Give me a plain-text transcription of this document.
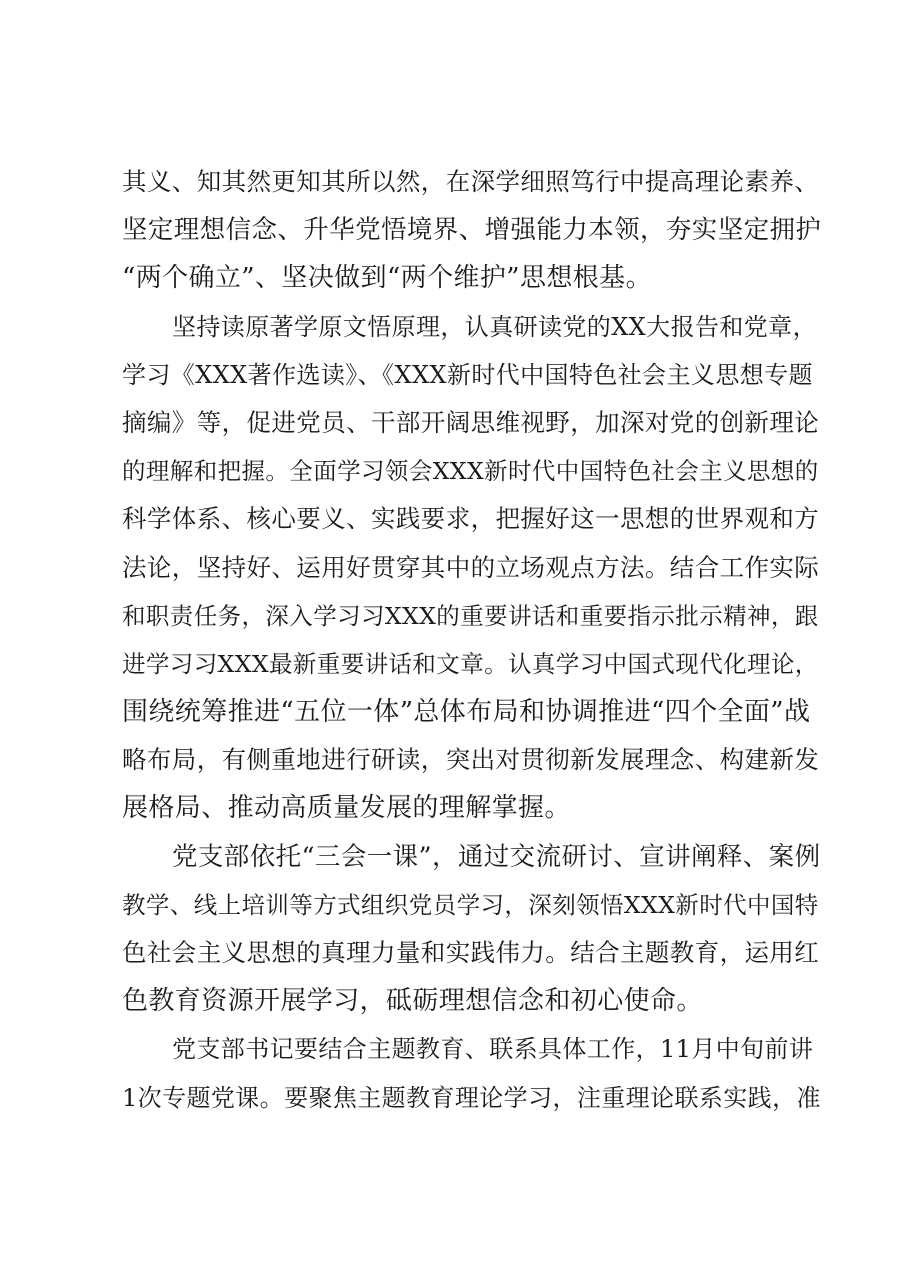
其义、知其然更知其所以然，在深学细照笃行中提高理论素养、
坚定理想信念、升华党悟境界、增强能力本领，夯实坚定拥护
“两个确立”、坚决做到“两个维护”思想根基。
坚持读原著学原文悟原理，认真研读党的XX大报告和党章，
学习《XXX著作选读》、《XXX新时代中国特色社会主义思想专题
摘编》等，促进党员、干部开阔思维视野，加深对党的创新理论
的理解和把握。全面学习领会XXX新时代中国特色社会主义思想的
科学体系、核心要义、实践要求，把握好这一思想的世界观和方
法论，坚持好、运用好贯穿其中的立场观点方法。结合工作实际
和职责任务，深入学习习XXX的重要讲话和重要指示批示精神，跟
进学习习XXX最新重要讲话和文章。认真学习中国式现代化理论，
围绕统筹推进“五位一体”总体布局和协调推进“四个全面”战
略布局，有侧重地进行研读，突出对贯彻新发展理念、构建新发
展格局、推动高质量发展的理解掌握。
党支部依托“三会一课”，通过交流研讨、宣讲阐释、案例
教学、线上培训等方式组织党员学习，深刻领悟XXX新时代中国特
色社会主义思想的真理力量和实践伟力。结合主题教育，运用红
色教育资源开展学习，砥砺理想信念和初心使命。
党支部书记要结合主题教育、联系具体工作，11月中旬前讲
1次专题党课。要聚焦主题教育理论学习，注重理论联系实践，准
